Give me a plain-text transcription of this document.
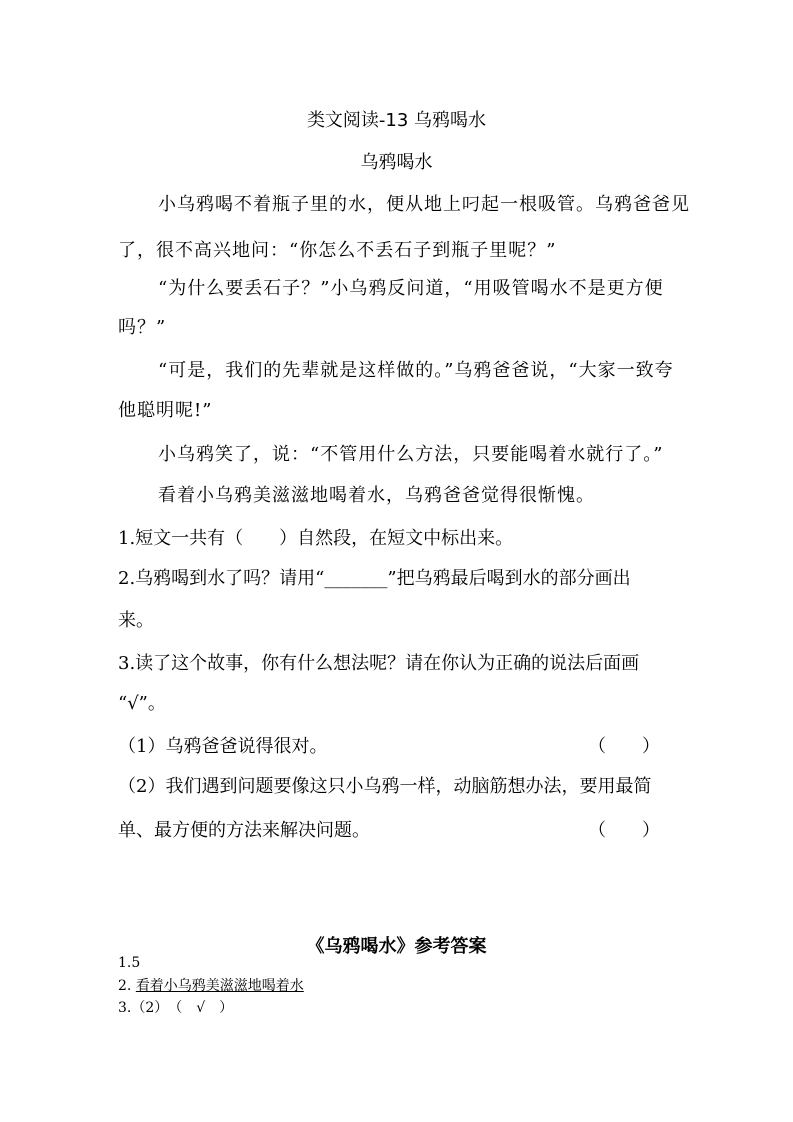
类文阅读-13 乌鸦喝水
乌鸦喝水
小乌鸦喝不着瓶子里的水，便从地上叼起一根吸管。乌鸦爸爸见
了，很不高兴地问：“你怎么不丢石子到瓶子里呢？”
“为什么要丢石子？”小乌鸦反问道，“用吸管喝水不是更方便
吗？”
“可是，我们的先辈就是这样做的。”乌鸦爸爸说，“大家一致夸
他聪明呢!”
小乌鸦笑了，说：“不管用什么方法，只要能喝着水就行了。”
看着小乌鸦美滋滋地喝着水，乌鸦爸爸觉得很惭愧。
1.短文一共有（　　）自然段，在短文中标出来。
2.乌鸦喝到水了吗？请用“_______”把乌鸦最后喝到水的部分画出
来。
3.读了这个故事，你有什么想法呢？请在你认为正确的说法后面画
“√”。
（1）乌鸦爸爸说得很对。	（　　）
（2）我们遇到问题要像这只小乌鸦一样，动脑筋想办法，要用最简
单、最方便的方法来解决问题。	（　　）
《乌鸦喝水》参考答案
1.5
2. 看着小乌鸦美滋滋地喝着水
3.（2）　（　√　）
